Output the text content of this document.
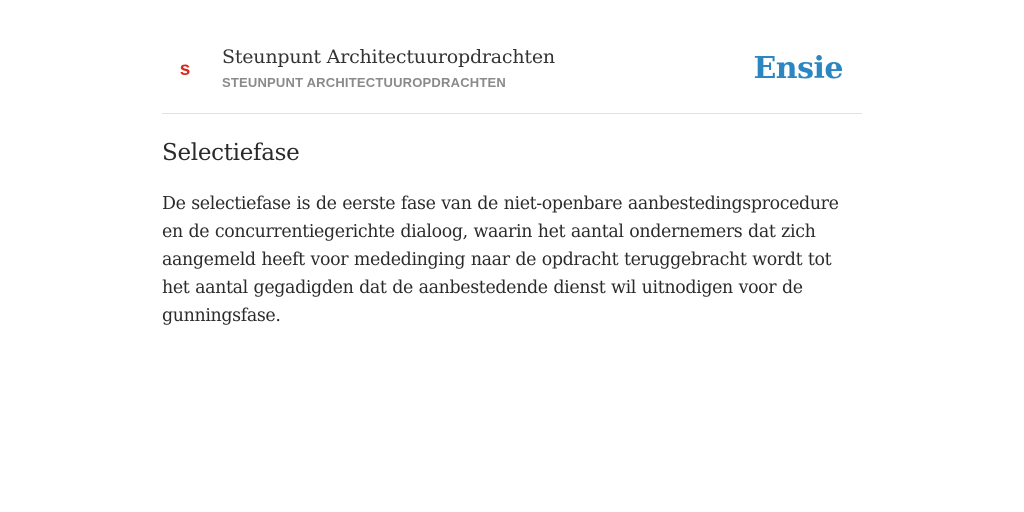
s
Steunpunt Architectuuropdrachten
STEUNPUNT ARCHITECTUUROPDRACHTEN	Ensie
Selectiefase

De selectiefase is de eerste fase van de niet-openbare aanbestedingsprocedure en de concurrentiegerichte dialoog, waarin het aantal ondernemers dat zich aangemeld heeft voor mededinging naar de opdracht teruggebracht wordt tot het aantal gegadigden dat de aanbestedende dienst wil uitnodigen voor de gunningsfase.
